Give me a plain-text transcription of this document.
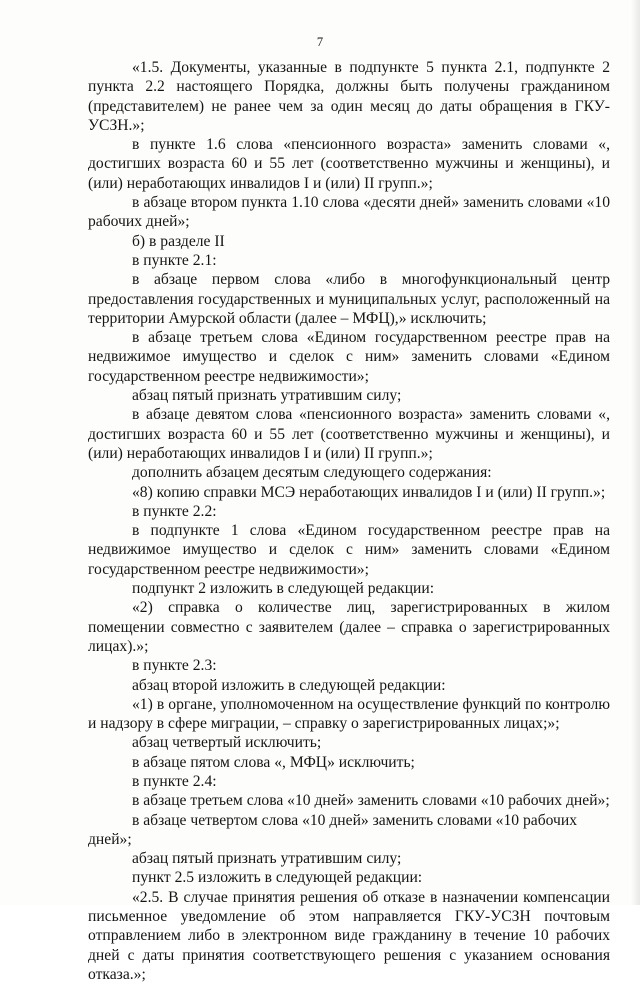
7

«1.5. Документы, указанные в подпункте 5 пункта 2.1, подпункте 2 пункта 2.2 настоящего Порядка, должны быть получены гражданином (представителем) не ранее чем за один месяц до даты обращения в ГКУ-УСЗН.»;

в пункте 1.6 слова «пенсионного возраста» заменить словами «, достигших возраста 60 и 55 лет (соответственно мужчины и женщины), и (или) неработающих инвалидов I и (или) II групп.»;

в абзаце втором пункта 1.10 слова «десяти дней» заменить словами «10 рабочих дней»;

б) в разделе II

в пункте 2.1:

в абзаце первом слова «либо в многофункциональный центр предоставления государственных и муниципальных услуг, расположенный на территории Амурской области (далее – МФЦ),» исключить;

в абзаце третьем слова «Едином государственном реестре прав на недвижимое имущество и сделок с ним» заменить словами «Едином государственном реестре недвижимости»;

абзац пятый признать утратившим силу;

в абзаце девятом слова «пенсионного возраста» заменить словами «, достигших возраста 60 и 55 лет (соответственно мужчины и женщины), и (или) неработающих инвалидов I и (или) II групп.»;

дополнить абзацем десятым следующего содержания:

«8) копию справки МСЭ неработающих инвалидов I и (или) II групп.»;

в пункте 2.2:

в подпункте 1 слова «Едином государственном реестре прав на недвижимое имущество и сделок с ним» заменить словами «Едином государственном реестре недвижимости»;

подпункт 2 изложить в следующей редакции:

«2) справка о количестве лиц, зарегистрированных в жилом помещении совместно с заявителем (далее – справка о зарегистрированных лицах).»;

в пункте 2.3:

абзац второй изложить в следующей редакции:

«1) в органе, уполномоченном на осуществление функций по контролю и надзору в сфере миграции, – справку о зарегистрированных лицах;»;

абзац четвертый исключить;

в абзаце пятом слова «, МФЦ» исключить;

в пункте 2.4:

в абзаце третьем слова «10 дней» заменить словами «10 рабочих дней»;

в абзаце четвертом слова «10 дней» заменить словами «10 рабочих дней»;

абзац пятый признать утратившим силу;

пункт 2.5 изложить в следующей редакции:

«2.5. В случае принятия решения об отказе в назначении компенсации письменное уведомление об этом направляется ГКУ-УСЗН почтовым отправлением либо в электронном виде гражданину в течение 10 рабочих дней с даты принятия соответствующего решения с указанием основания отказа.»;
